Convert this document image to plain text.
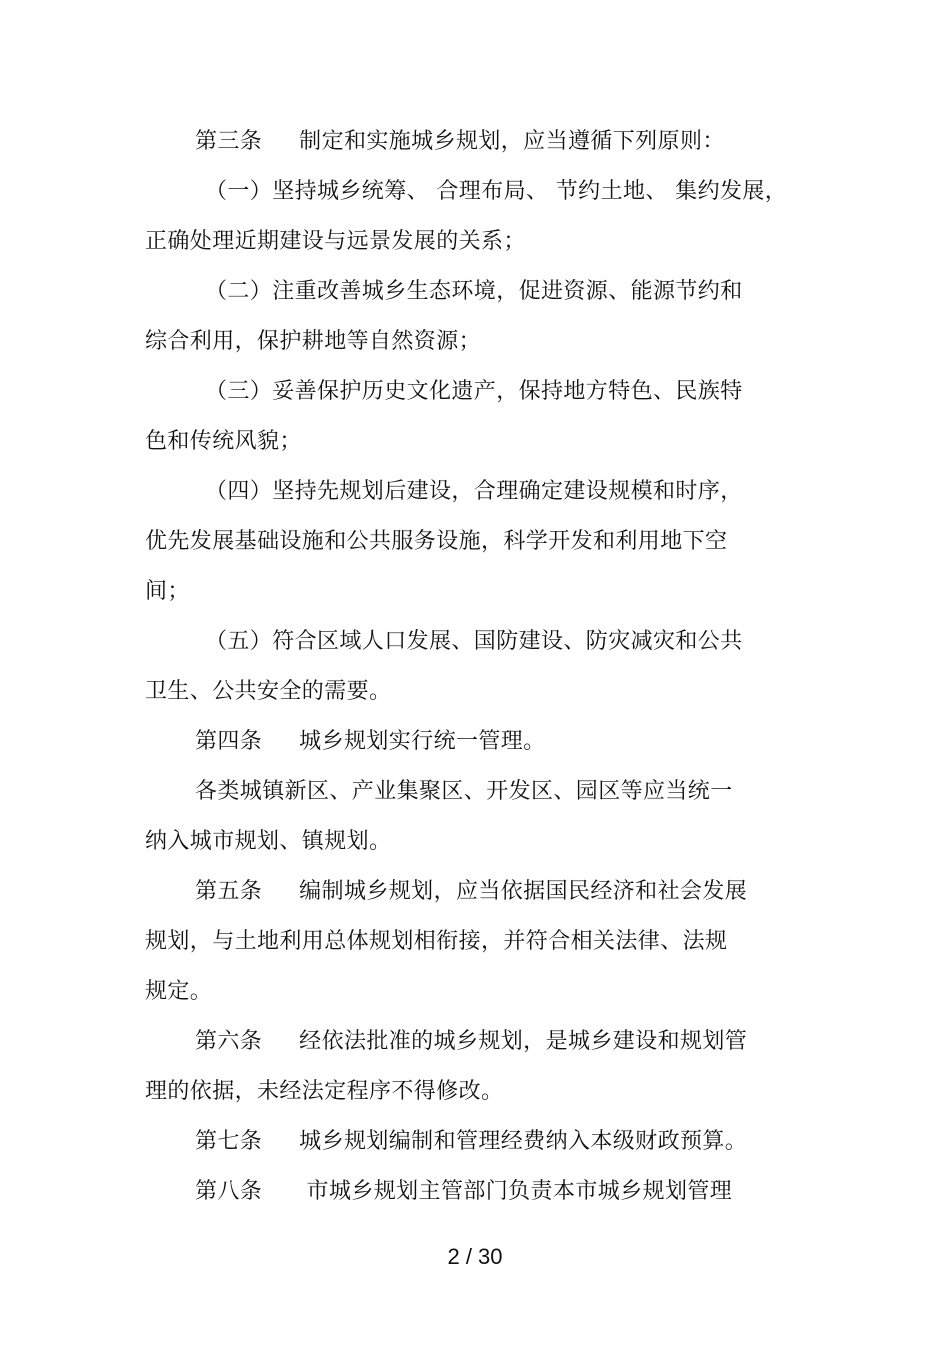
第三条     制定和实施城乡规划，应当遵循下列原则：
（一）坚持城乡统筹、 合理布局、 节约土地、 集约发展，
正确处理近期建设与远景发展的关系；
（二）注重改善城乡生态环境，促进资源、能源节约和
综合利用，保护耕地等自然资源；
（三）妥善保护历史文化遗产，保持地方特色、民族特
色和传统风貌；
（四）坚持先规划后建设，合理确定建设规模和时序，
优先发展基础设施和公共服务设施，科学开发和利用地下空
间；
（五）符合区域人口发展、国防建设、防灾减灾和公共
卫生、公共安全的需要。
第四条     城乡规划实行统一管理。
各类城镇新区、产业集聚区、开发区、园区等应当统一
纳入城市规划、镇规划。
第五条     编制城乡规划，应当依据国民经济和社会发展
规划，与土地利用总体规划相衔接，并符合相关法律、法规
规定。
第六条     经依法批准的城乡规划，是城乡建设和规划管
理的依据，未经法定程序不得修改。
第七条     城乡规划编制和管理经费纳入本级财政预算。
第八条      市城乡规划主管部门负责本市城乡规划管理
2 / 30
